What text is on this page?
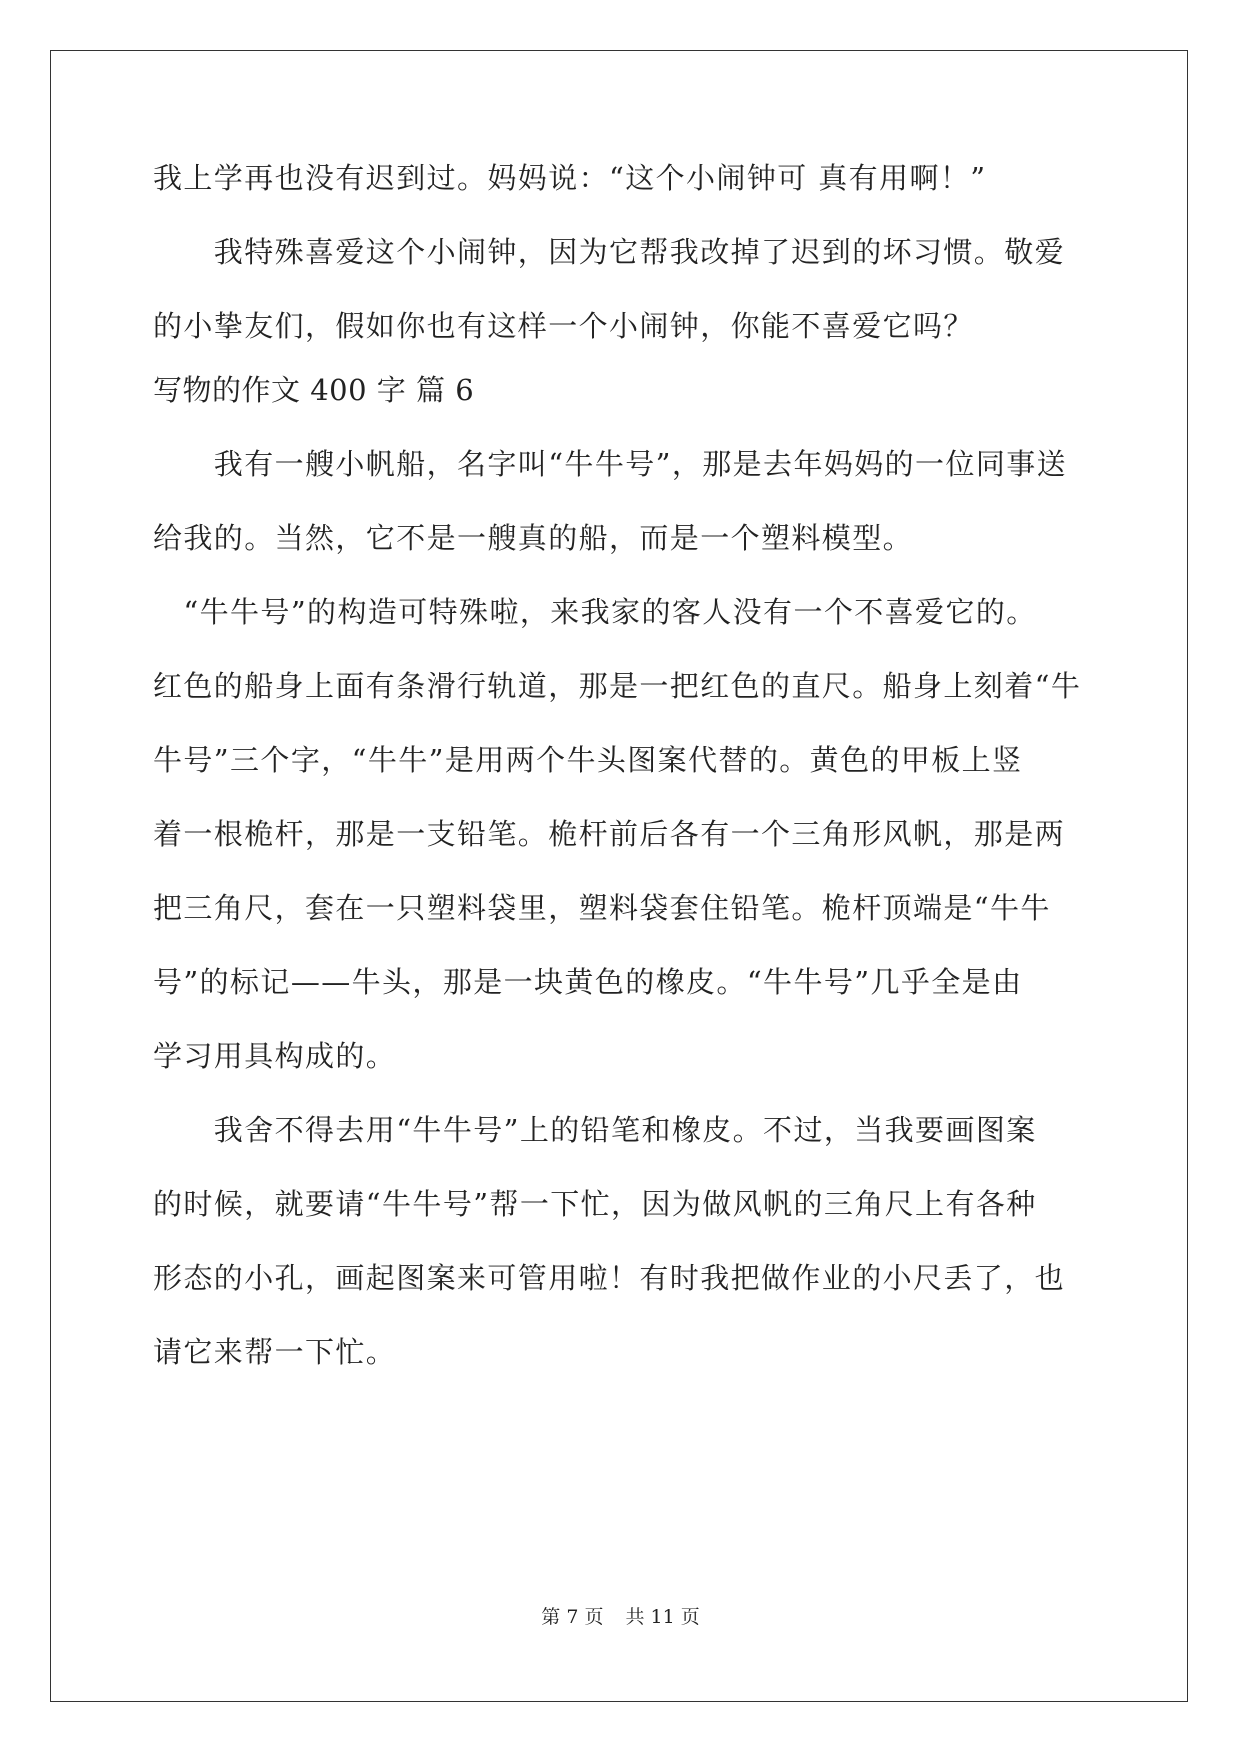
我上学再也没有迟到过。妈妈说：“这个小闹钟可 真有用啊！”

　　我特殊喜爱这个小闹钟，因为它帮我改掉了迟到的坏习惯。敬爱

的小挚友们，假如你也有这样一个小闹钟，你能不喜爱它吗？

写物的作文 400 字 篇 6

　　我有一艘小帆船，名字叫“牛牛号”，那是去年妈妈的一位同事送

给我的。当然，它不是一艘真的船，而是一个塑料模型。

　“牛牛号”的构造可特殊啦，来我家的客人没有一个不喜爱它的。

红色的船身上面有条滑行轨道，那是一把红色的直尺。船身上刻着“牛

牛号”三个字，“牛牛”是用两个牛头图案代替的。黄色的甲板上竖

着一根桅杆，那是一支铅笔。桅杆前后各有一个三角形风帆，那是两

把三角尺，套在一只塑料袋里，塑料袋套住铅笔。桅杆顶端是“牛牛

号”的标记——牛头，那是一块黄色的橡皮。“牛牛号”几乎全是由

学习用具构成的。

　　我舍不得去用“牛牛号”上的铅笔和橡皮。不过，当我要画图案

的时候，就要请“牛牛号”帮一下忙，因为做风帆的三角尺上有各种

形态的小孔，画起图案来可管用啦！有时我把做作业的小尺丢了，也

请它来帮一下忙。

第 7 页 共 11 页
